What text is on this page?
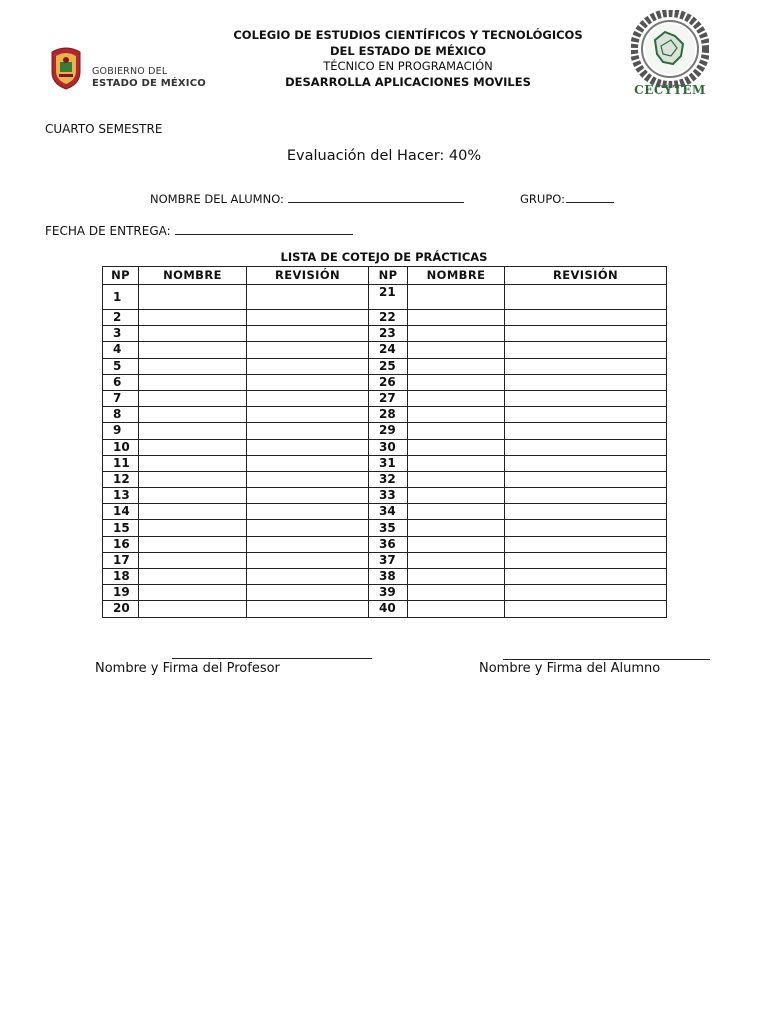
GOBIERNO DEL
ESTADO DE MÉXICO
COLEGIO DE ESTUDIOS CIENTÍFICOS Y TECNOLÓGICOS
DEL ESTADO DE MÉXICO
TÉCNICO EN PROGRAMACIÓN
DESARROLLA APLICACIONES MOVILES
CECYTEM
CUARTO SEMESTRE
Evaluación del Hacer: 40%
NOMBRE DEL ALUMNO:	GRUPO:
FECHA DE ENTREGA:
LISTA DE COTEJO DE PRÁCTICAS
NP	NOMBRE	REVISIÓN	NP	NOMBRE	REVISIÓN
1			21		
2			22		
3			23		
4			24		
5			25		
6			26		
7			27		
8			28		
9			29		
10			30		
11			31		
12			32		
13			33		
14			34		
15			35		
16			36		
17			37		
18			38		
19			39		
20			40		
Nombre y Firma del Profesor	Nombre y Firma del Alumno
